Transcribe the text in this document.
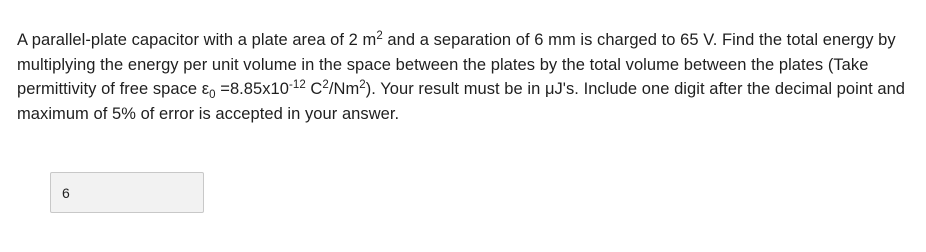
A parallel-plate capacitor with a plate area of 2 $m^2$ and a separation of 6 mm is charged to 65 V. Find the total energy by multiplying the energy per unit volume in the space between the plates by the total volume between the plates (Take permittivity of free space $\varepsilon_0 =8.85x10^{-12}$ $C^2/Nm^2$). Your result must be in μJ's. Include one digit after the decimal point and maximum of 5% of error is accepted in your answer.
6
